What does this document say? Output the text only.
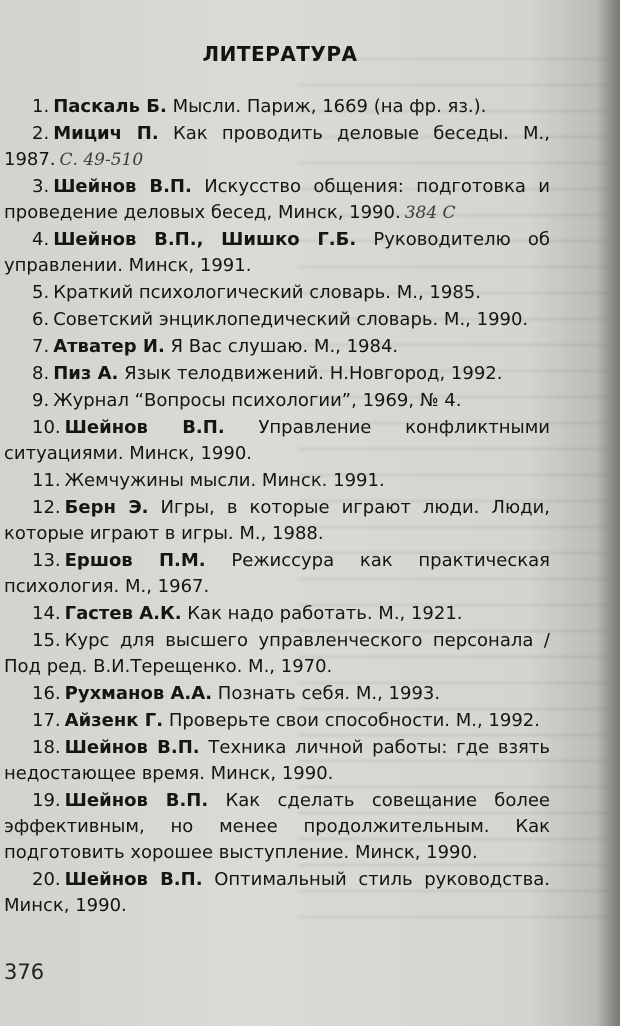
ЛИТЕРАТУРА

1. Паскаль Б. Мысли. Париж, 1669 (на фр. яз.).

2. Мицич П. Как проводить деловые беседы. М., 1987. С. 49-510

3. Шейнов В.П. Искусство общения: подготовка и проведение деловых бесед, Минск, 1990. 384 С

4. Шейнов В.П., Шишко Г.Б. Руководителю об управлении. Минск, 1991.

5. Краткий психологический словарь. М., 1985.

6. Советский энциклопедический словарь. М., 1990.

7. Атватер И. Я Вас слушаю. М., 1984.

8. Пиз А. Язык телодвижений. Н.Новгород, 1992.

9. Журнал “Вопросы психологии”, 1969, № 4.

10. Шейнов В.П. Управление конфликтными ситуациями. Минск, 1990.

11. Жемчужины мысли. Минск. 1991.

12. Берн Э. Игры, в которые играют люди. Люди, которые играют в игры. М., 1988.

13. Ершов П.М. Режиссура как практическая психология. М., 1967.

14. Гастев А.К. Как надо работать. М., 1921.

15. Курс для высшего управленческого персонала / Под ред. В.И.Терещенко. М., 1970.

16. Рухманов А.А. Познать себя. М., 1993.

17. Айзенк Г. Проверьте свои способности. М., 1992.

18. Шейнов В.П. Техника личной работы: где взять недостающее время. Минск, 1990.

19. Шейнов В.П. Как сделать совещание более эффективным, но менее продолжительным. Как подготовить хорошее выступление. Минск, 1990.

20. Шейнов В.П. Оптимальный стиль руководства. Минск, 1990.

376
